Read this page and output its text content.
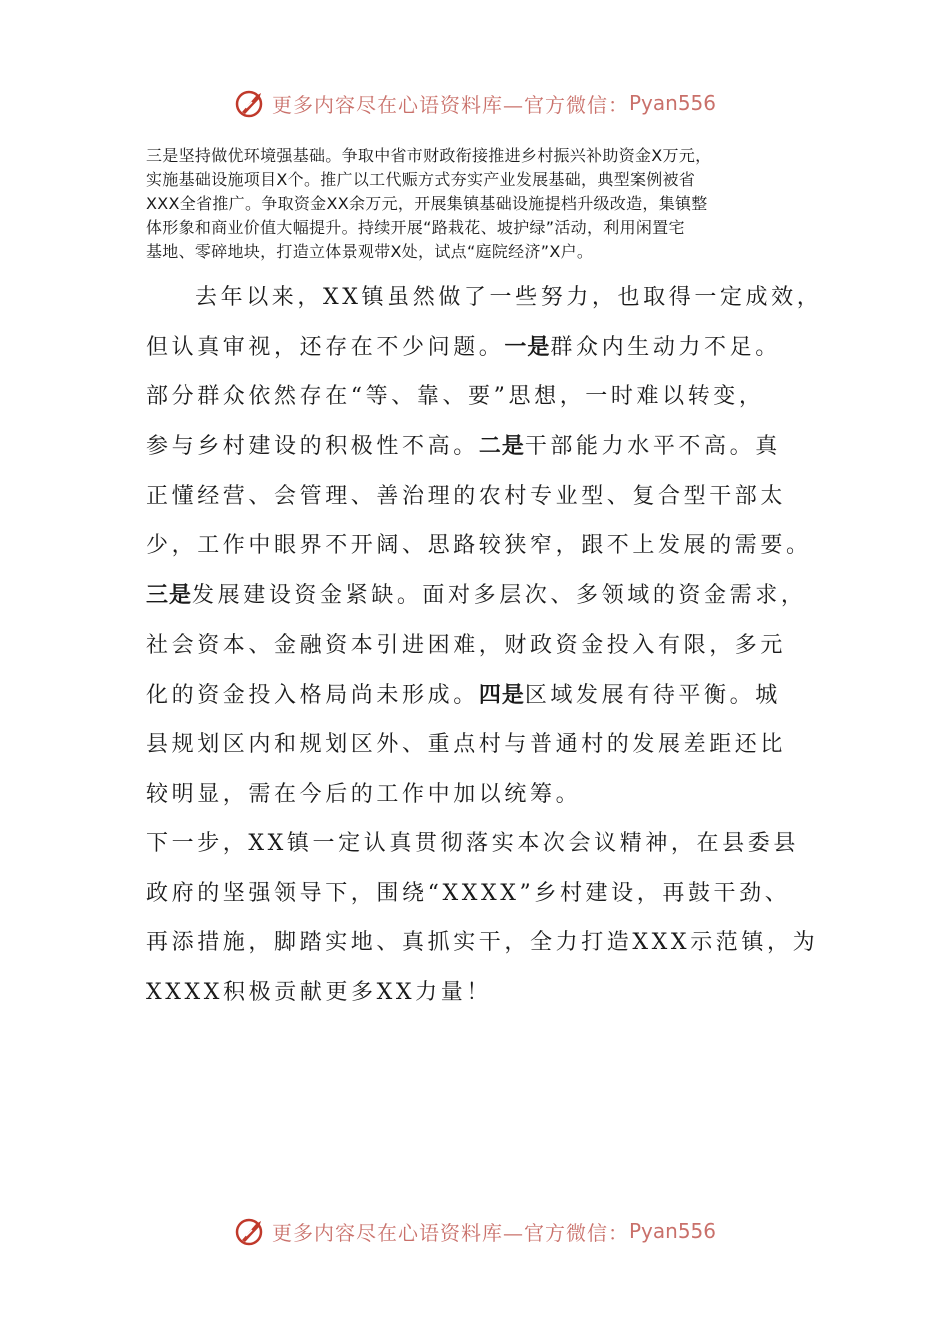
更多内容尽在心语资料库—官方微信： Pyan556
三是坚持做优环境强基础。争取中省市财政衔接推进乡村振兴补助资金X万元，
实施基础设施项目X个。推广以工代赈方式夯实产业发展基础，典型案例被省
XXX全省推广。争取资金XX余万元，开展集镇基础设施提档升级改造，集镇整
体形象和商业价值大幅提升。持续开展“路栽花、坡护绿”活动，利用闲置宅
基地、零碎地块，打造立体景观带X处，试点“庭院经济”X户。
去年以来，XX镇虽然做了一些努力，也取得一定成效，
但认真审视，还存在不少问题。一是群众内生动力不足。
部分群众依然存在“等、靠、要”思想，一时难以转变，
参与乡村建设的积极性不高。二是干部能力水平不高。真
正懂经营、会管理、善治理的农村专业型、复合型干部太
少，工作中眼界不开阔、思路较狭窄，跟不上发展的需要。
三是发展建设资金紧缺。面对多层次、多领域的资金需求，
社会资本、金融资本引进困难，财政资金投入有限，多元
化的资金投入格局尚未形成。四是区域发展有待平衡。城
县规划区内和规划区外、重点村与普通村的发展差距还比
较明显，需在今后的工作中加以统筹。
下一步，XX镇一定认真贯彻落实本次会议精神，在县委县
政府的坚强领导下，围绕“XXXX”乡村建设，再鼓干劲、
再添措施，脚踏实地、真抓实干，全力打造XXX示范镇，为
XXXX积极贡献更多XX力量！
更多内容尽在心语资料库—官方微信： Pyan556
